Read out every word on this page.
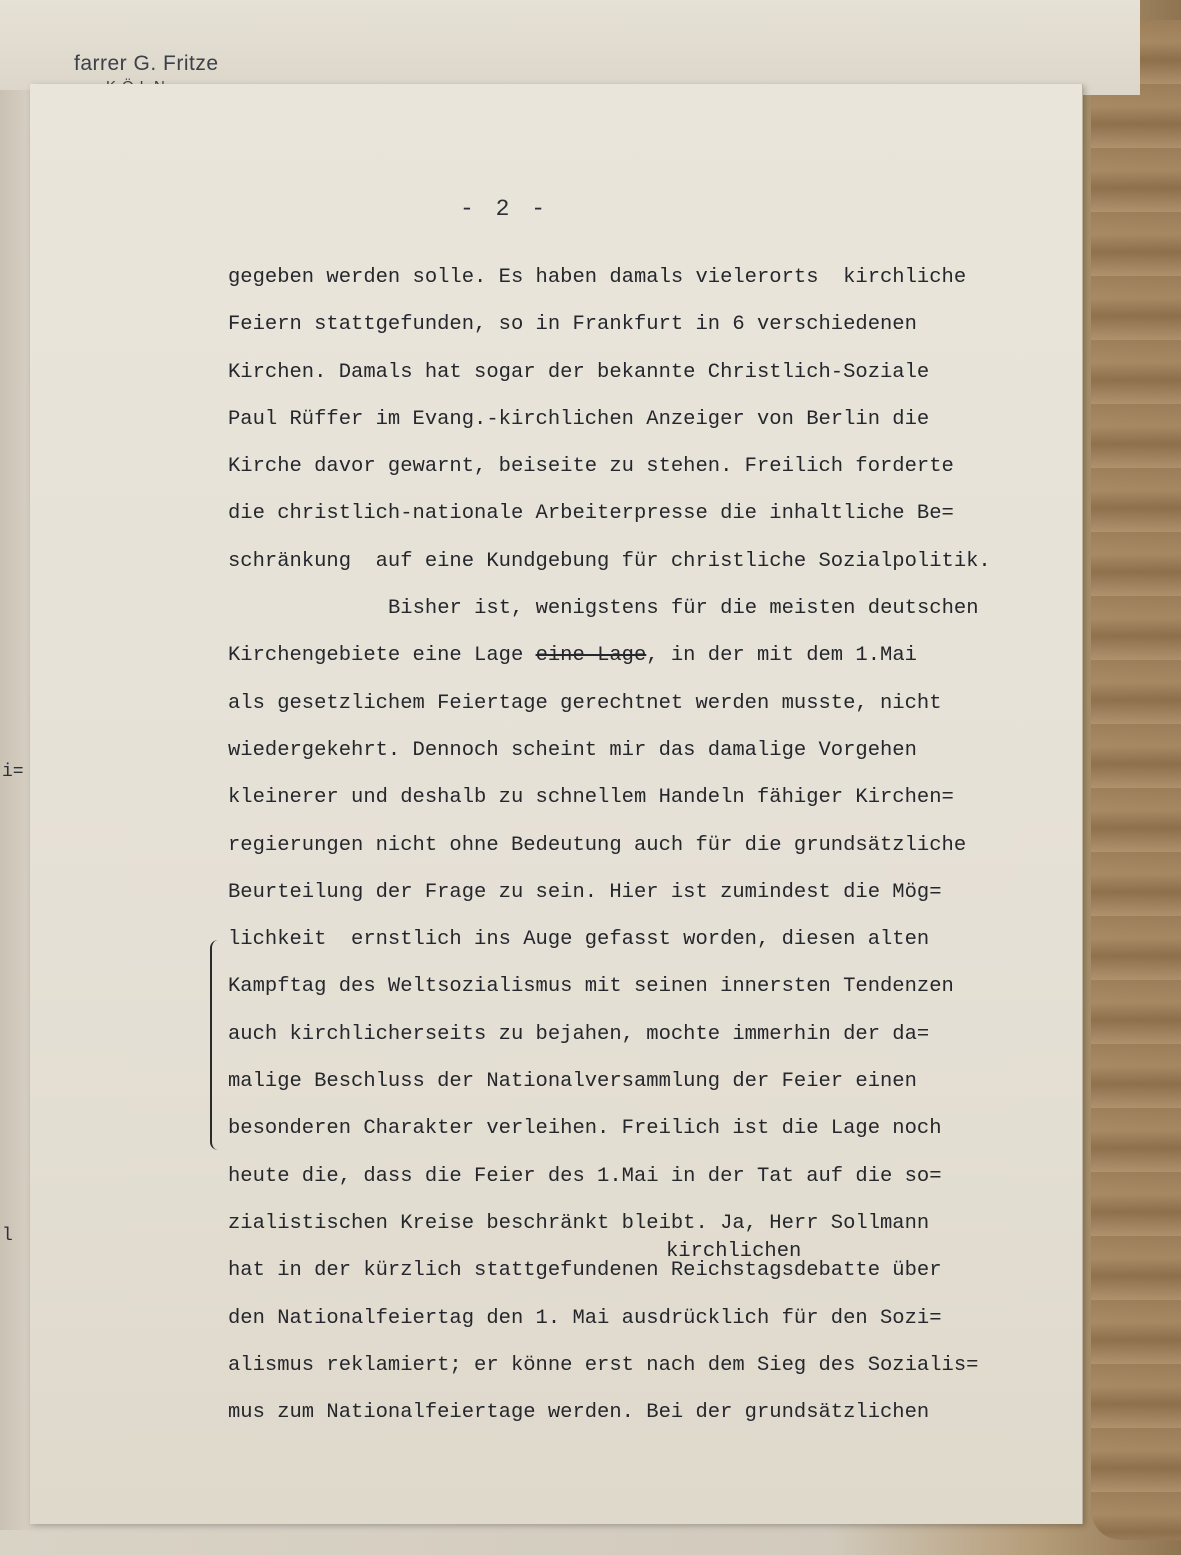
farrer G. Fritze
i=
l
- 2 -
gegeben werden solle. Es haben damals vielerorts  kirchliche
Feiern stattgefunden, so in Frankfurt in 6 verschiedenen
Kirchen. Damals hat sogar der bekannte Christlich-Soziale
Paul Rüffer im Evang.-kirchlichen Anzeiger von Berlin die
Kirche davor gewarnt, beiseite zu stehen. Freilich forderte
die christlich-nationale Arbeiterpresse die inhaltliche Be=
schränkung  auf eine Kundgebung für christliche Sozialpolitik.
Bisher ist, wenigstens für die meisten deutschen
Kirchengebiete eine Lage eine Lage, in der mit dem 1.Mai
als gesetzlichem Feiertage gerechtnet werden musste, nicht
wiedergekehrt. Dennoch scheint mir das damalige Vorgehen
kleinerer und deshalb zu schnellem Handeln fähiger Kirchen=
regierungen nicht ohne Bedeutung auch für die grundsätzliche
Beurteilung der Frage zu sein. Hier ist zumindest die Mög=
lichkeit  ernstlich ins Auge gefasst worden, diesen alten
Kampftag des Weltsozialismus mit seinen innersten Tendenzen
auch kirchlicherseits zu bejahen, mochte immerhin der da=
malige Beschluss der Nationalversammlung der Feier einen
besonderen Charakter verleihen. Freilich ist die Lage noch
heute die, dass die Feier des 1.Mai in der Tat auf die so=
zialistischen Kreise beschränkt bleibt. Ja, Herr Sollmann
hat in der kürzlich stattgefundenen Reichstagsdebatte über
den Nationalfeiertag den 1. Mai ausdrücklich für den Sozi=
alismus reklamiert; er könne erst nach dem Sieg des Sozialis=
mus zum Nationalfeiertage werden. Bei der grundsätzlichen
kirchlichen
